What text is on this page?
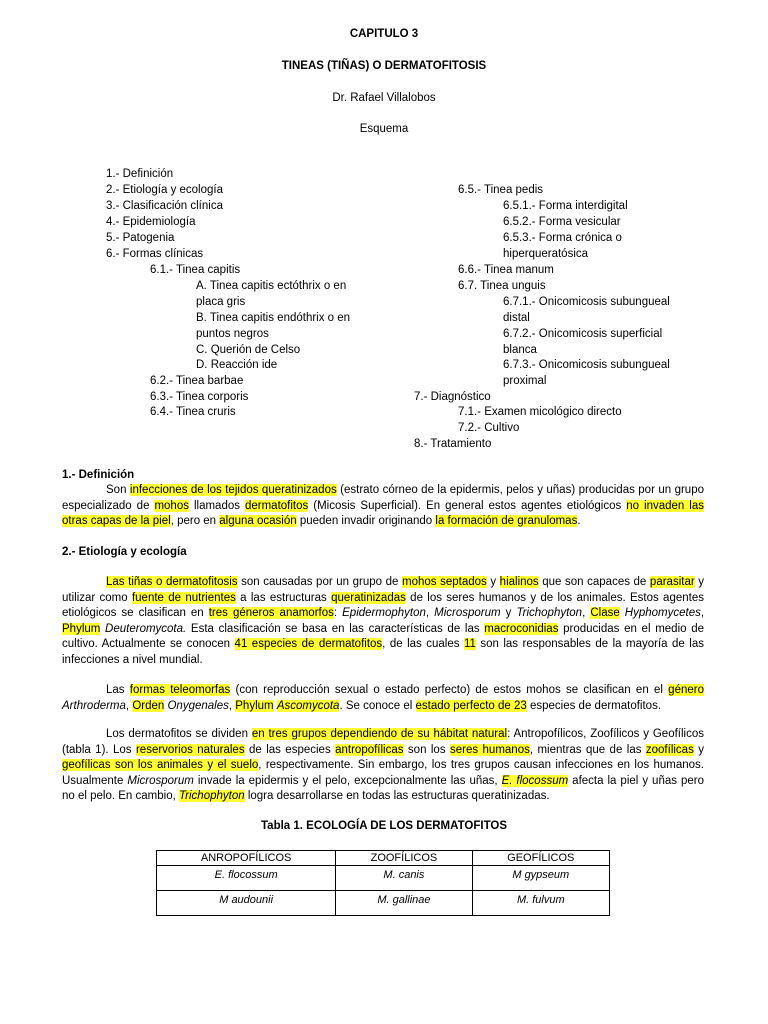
CAPITULO 3
TINEAS (TIÑAS) O DERMATOFITOSIS
Dr. Rafael Villalobos
Esquema
1.- Definición
2.- Etiología y ecología
3.- Clasificación clínica
4.- Epidemiología
5.- Patogenia
6.- Formas clínicas
6.1.- Tinea capitis
A. Tinea capitis ectóthrix o en
placa gris
B. Tinea capitis endóthrix o en
puntos negros
C. Querión de Celso
D. Reacción ide
6.2.- Tinea barbae
6.3.- Tinea corporis
6.4.- Tinea cruris
6.5.- Tinea pedis
6.5.1.- Forma interdigital
6.5.2.- Forma vesicular
6.5.3.- Forma crónica o
hiperqueratósica
6.6.- Tinea manum
6.7. Tinea unguis
6.7.1.- Onicomicosis subungueal
distal
6.7.2.- Onicomicosis superficial
blanca
6.7.3.- Onicomicosis subungueal
proximal
7.- Diagnóstico
7.1.- Examen micológico directo
7.2.- Cultivo
8.- Tratamiento
1.- Definición
Son infecciones de los tejidos queratinizados (estrato córneo de la epidermis, pelos y uñas) producidas por un grupo especializado de mohos llamados dermatofitos (Micosis Superficial). En general estos agentes etiológicos no invaden las otras capas de la piel, pero en alguna ocasión pueden invadir originando la formación de granulomas.
2.- Etiología y ecología
Las tiñas o dermatofitosis son causadas por un grupo de mohos septados y hialinos que son capaces de parasitar y utilizar como fuente de nutrientes a las estructuras queratinizadas de los seres humanos y de los animales. Estos agentes etiológicos se clasifican en tres géneros anamorfos: Epidermophyton, Microsporum y Trichophyton, Clase Hyphomycetes, Phylum Deuteromycota. Esta clasificación se basa en las características de las macroconidias producidas en el medio de cultivo. Actualmente se conocen 41 especies de dermatofitos, de las cuales 11 son las responsables de la mayoría de las infecciones a nivel mundial.
Las formas teleomorfas (con reproducción sexual o estado perfecto) de estos mohos se clasifican en el género Arthroderma, Orden Onygenales, Phylum Ascomycota. Se conoce el estado perfecto de 23 especies de dermatofitos.
Los dermatofitos se dividen en tres grupos dependiendo de su hábitat natural: Antropofílicos, Zoofílicos y Geofílicos (tabla 1). Los reservorios naturales de las especies antropofílicas son los seres humanos, mientras que de las zoofílicas y geofílicas son los animales y el suelo, respectivamente. Sin embargo, los tres grupos causan infecciones en los humanos. Usualmente Microsporum invade la epidermis y el pelo, excepcionalmente las uñas, E. flocossum afecta la piel y uñas pero no el pelo. En cambio, Trichophyton logra desarrollarse en todas las estructuras queratinizadas.
Tabla 1. ECOLOGÍA DE LOS DERMATOFITOS
ANROPOFÍLICOS	ZOOFÍLICOS	GEOFÍLICOS
E. flocossum	M. canis	M gypseum
M audounii	M. gallinae	M. fulvum
